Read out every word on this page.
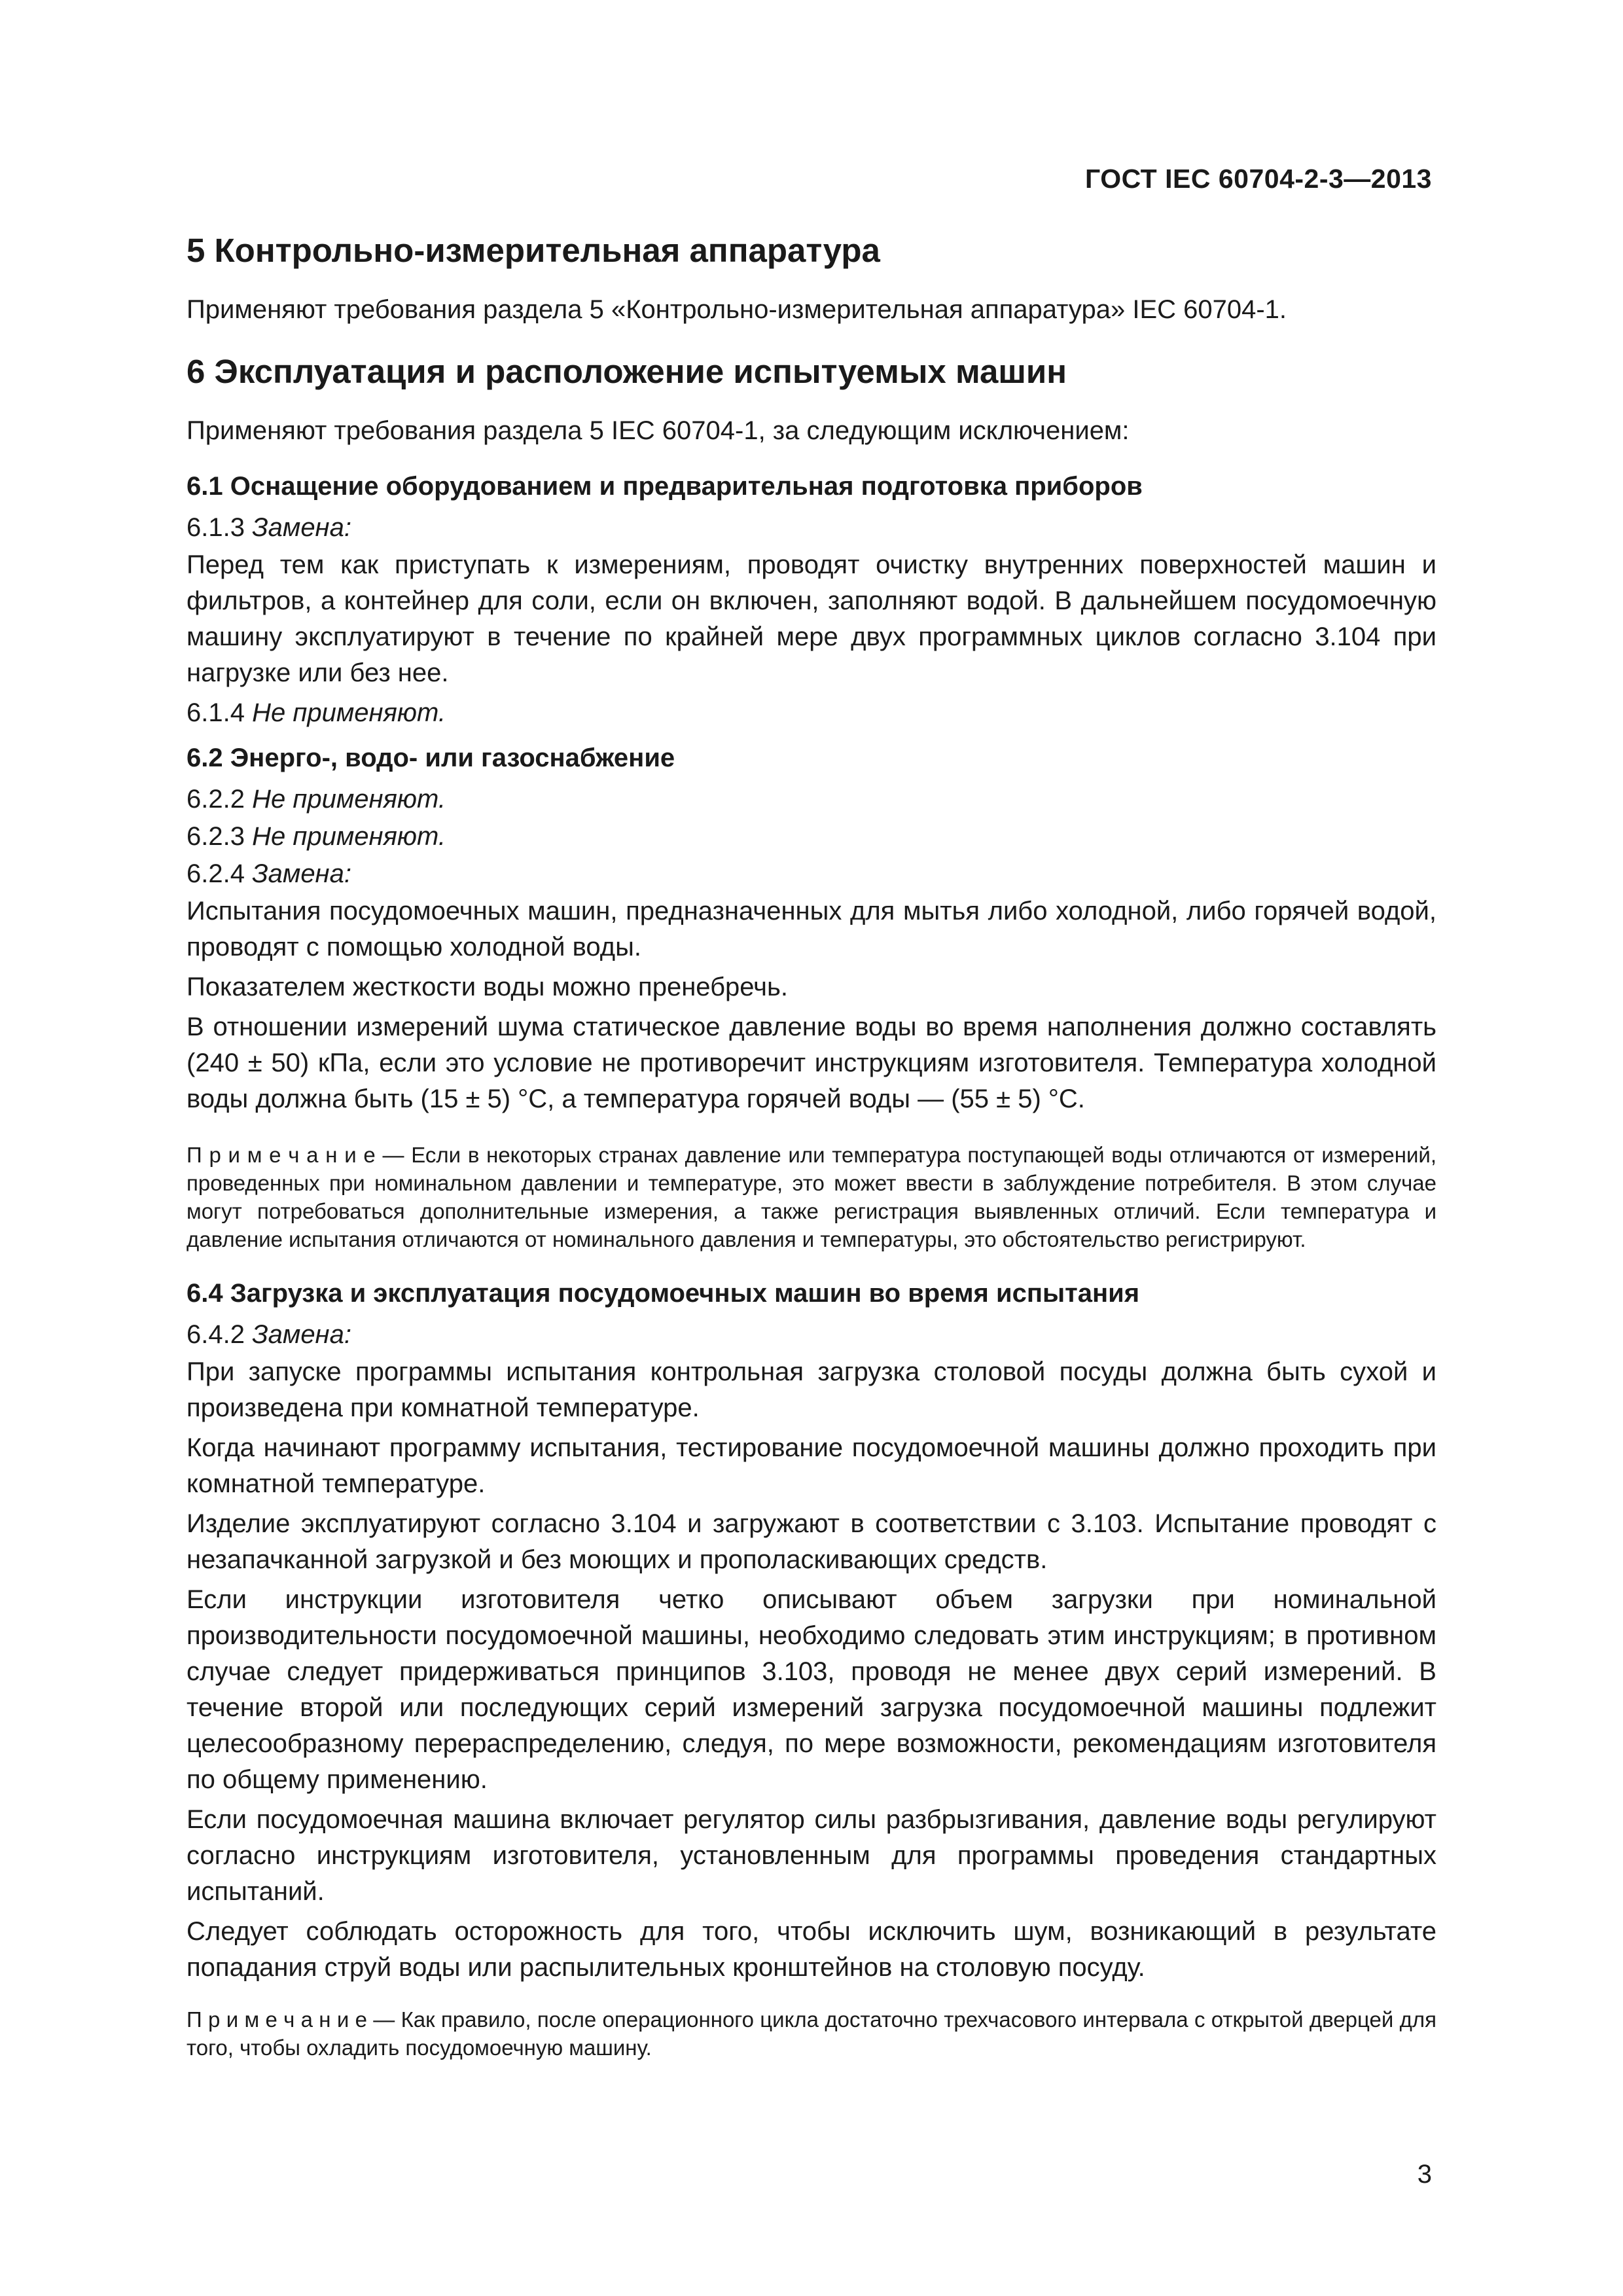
ГОСТ IEC 60704-2-3—2013
5 Контрольно-измерительная аппаратура
Применяют требования раздела 5 «Контрольно-измерительная аппаратура» IEC 60704-1.
6 Эксплуатация и расположение испытуемых машин
Применяют требования раздела 5 IEC 60704-1, за следующим исключением:
6.1 Оснащение оборудованием и предварительная подготовка приборов
6.1.3 Замена:
Перед тем как приступать к измерениям, проводят очистку внутренних поверхностей машин и фильтров, а контейнер для соли, если он включен, заполняют водой. В дальнейшем посудомоечную машину эксплуатируют в течение по крайней мере двух программных циклов согласно 3.104 при нагрузке или без нее.
6.1.4 Не применяют.
6.2 Энерго-, водо- или газоснабжение
6.2.2 Не применяют.
6.2.3 Не применяют.
6.2.4 Замена:
Испытания посудомоечных машин, предназначенных для мытья либо холодной, либо горячей водой, проводят с помощью холодной воды.
Показателем жесткости воды можно пренебречь.
В отношении измерений шума статическое давление воды во время наполнения должно составлять (240 ± 50) кПа, если это условие не противоречит инструкциям изготовителя. Температура холодной воды должна быть (15 ± 5) °С, а температура горячей воды — (55 ± 5) °С.
П р и м е ч а н и е — Если в некоторых странах давление или температура поступающей воды отличаются от измерений, проведенных при номинальном давлении и температуре, это может ввести в заблуждение потребителя. В этом случае могут потребоваться дополнительные измерения, а также регистрация выявленных отличий. Если температура и давление испытания отличаются от номинального давления и температуры, это обстоятельство регистрируют.
6.4 Загрузка и эксплуатация посудомоечных машин во время испытания
6.4.2 Замена:
При запуске программы испытания контрольная загрузка столовой посуды должна быть сухой и произведена при комнатной температуре.
Когда начинают программу испытания, тестирование посудомоечной машины должно проходить при комнатной температуре.
Изделие эксплуатируют согласно 3.104 и загружают в соответствии с 3.103. Испытание проводят с незапачканной загрузкой и без моющих и прополаскивающих средств.
Если инструкции изготовителя четко описывают объем загрузки при номинальной производительности посудомоечной машины, необходимо следовать этим инструкциям; в противном случае следует придерживаться принципов 3.103, проводя не менее двух серий измерений. В течение второй или последующих серий измерений загрузка посудомоечной машины подлежит целесообразному перераспределению, следуя, по мере возможности, рекомендациям изготовителя по общему применению.
Если посудомоечная машина включает регулятор силы разбрызгивания, давление воды регулируют согласно инструкциям изготовителя, установленным для программы проведения стандартных испытаний.
Следует соблюдать осторожность для того, чтобы исключить шум, возникающий в результате попадания струй воды или распылительных кронштейнов на столовую посуду.
П р и м е ч а н и е — Как правило, после операционного цикла достаточно трехчасового интервала с открытой дверцей для того, чтобы охладить посудомоечную машину.
3
